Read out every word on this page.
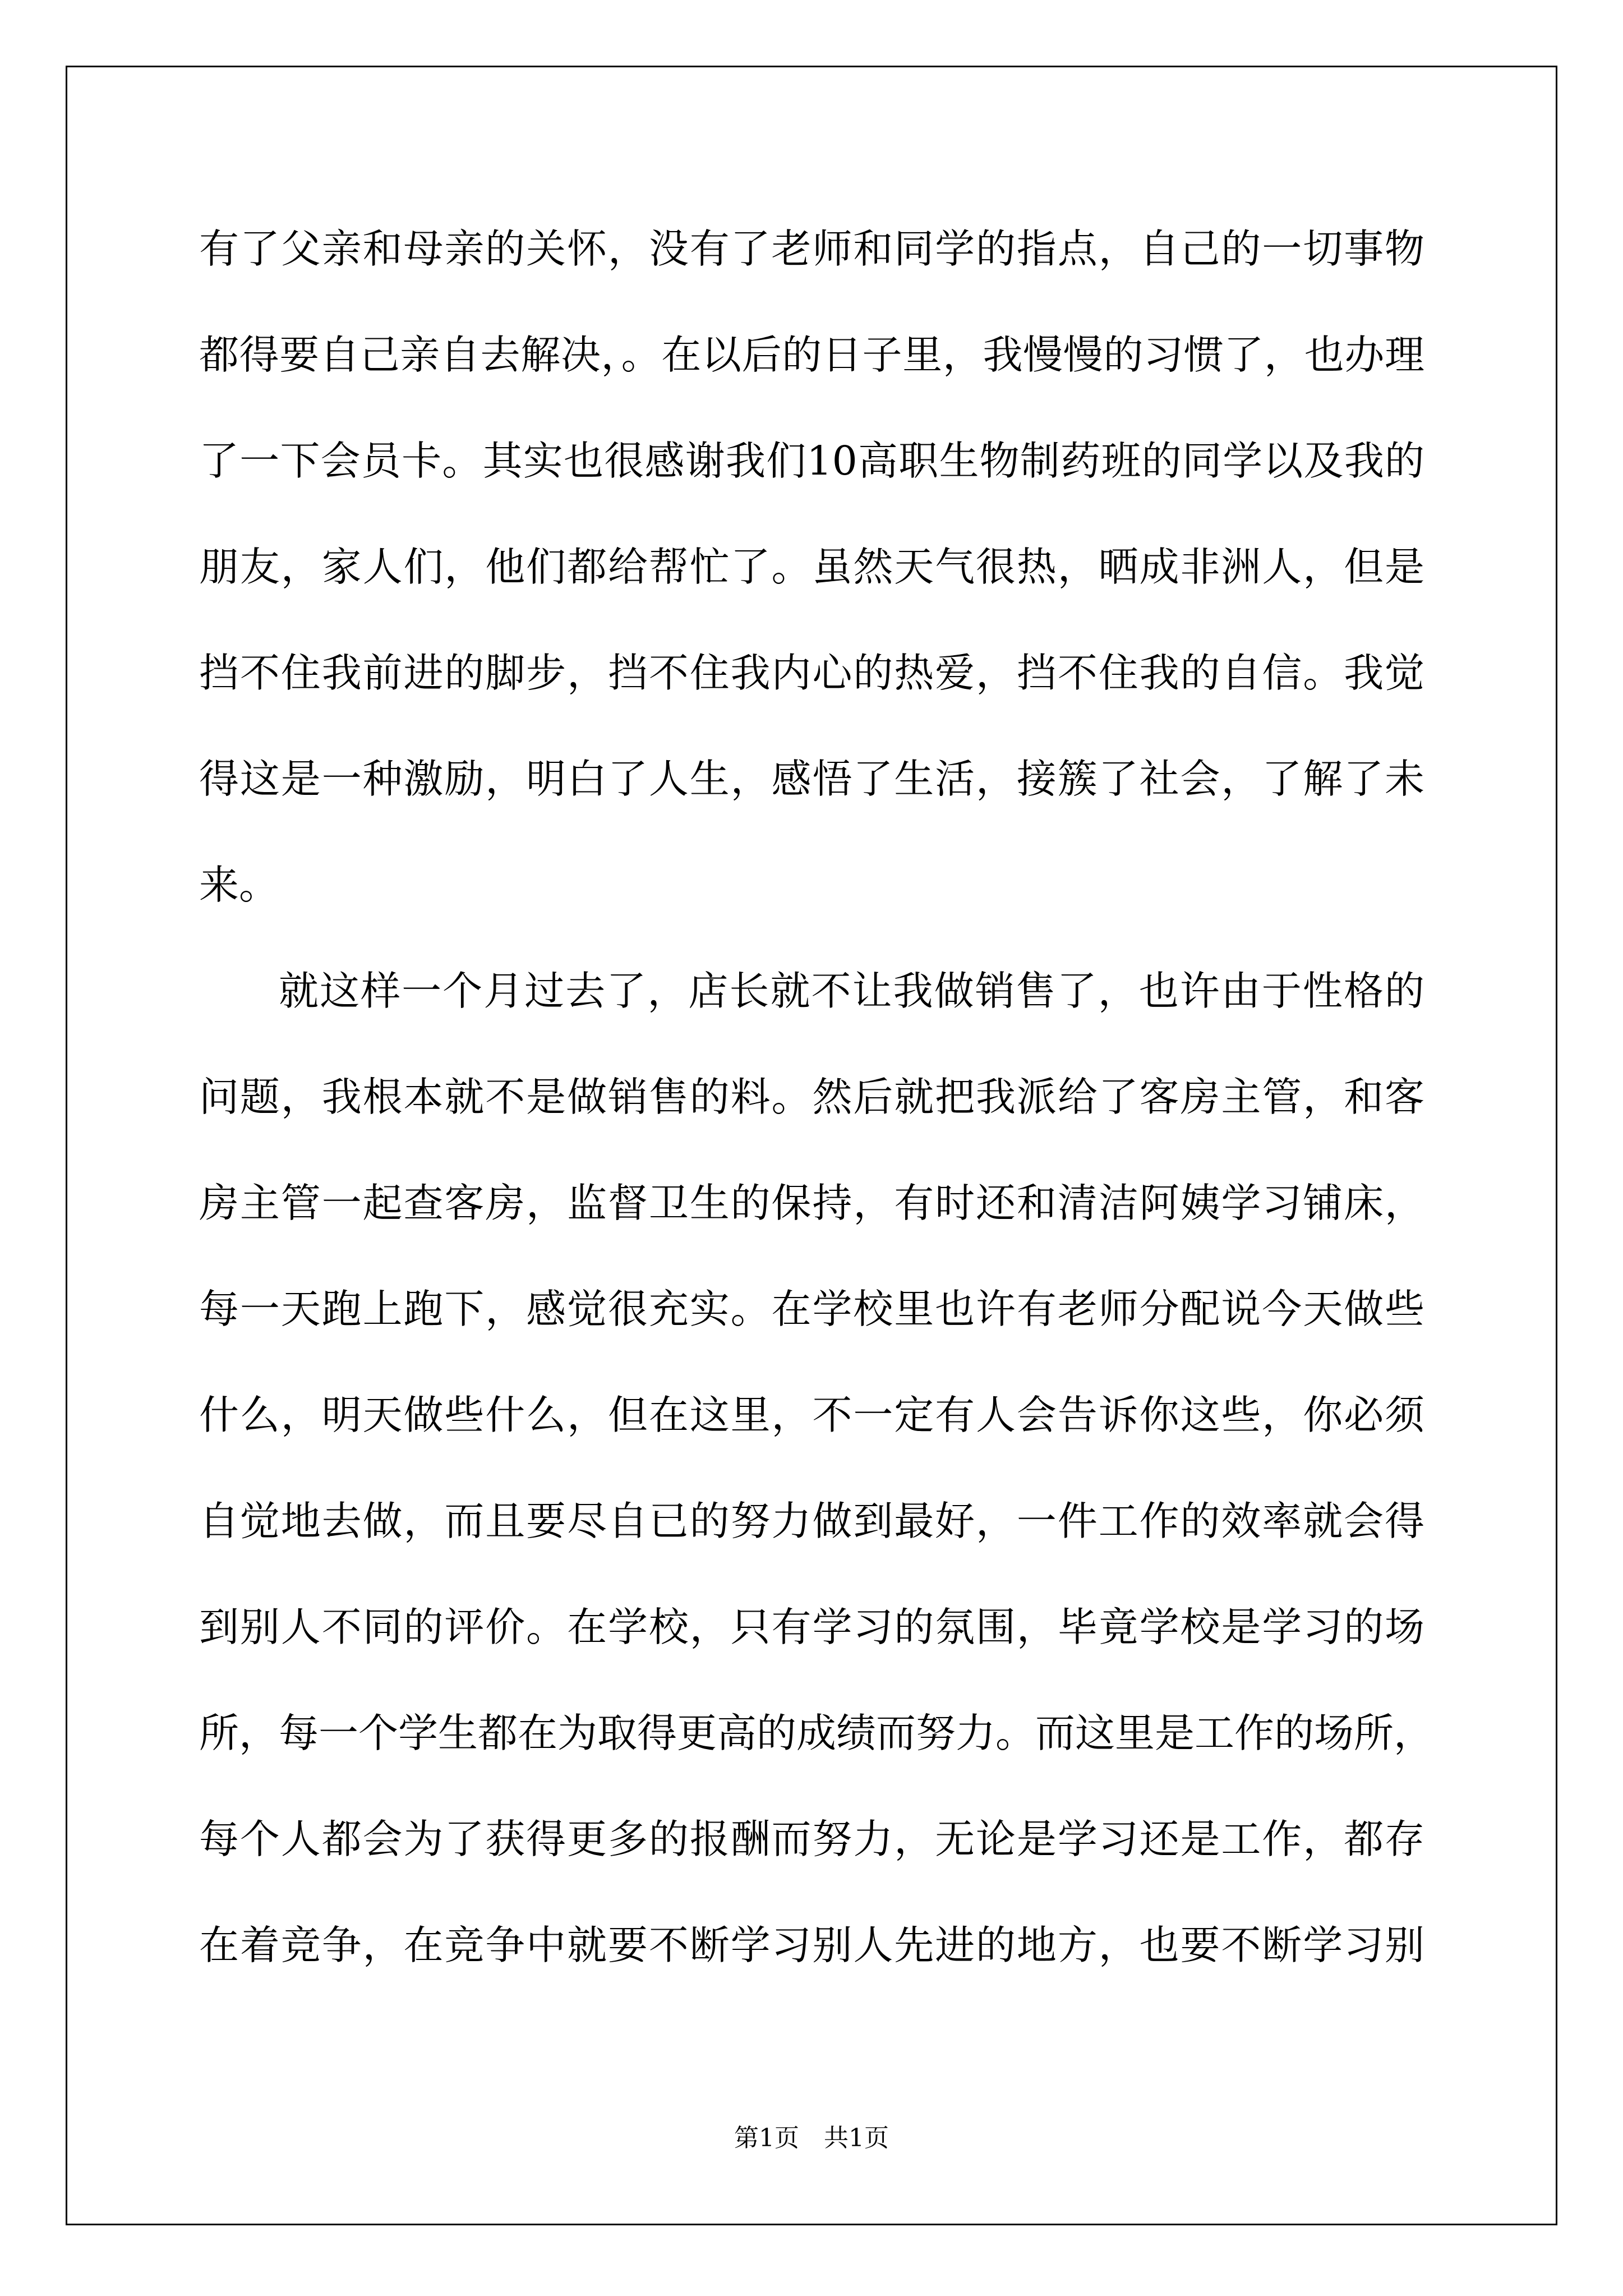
有了父亲和母亲的关怀，没有了老师和同学的指点，自己的一切事物
都得要自己亲自去解决，。在以后的日子里，我慢慢的习惯了，也办理
了一下会员卡。其实也很感谢我们10高职生物制药班的同学以及我的
朋友，家人们，他们都给帮忙了。虽然天气很热，晒成非洲人，但是
挡不住我前进的脚步，挡不住我内心的热爱，挡不住我的自信。我觉
得这是一种激励，明白了人生，感悟了生活，接簇了社会，了解了未
来。
就这样一个月过去了，店长就不让我做销售了，也许由于性格的
问题，我根本就不是做销售的料。然后就把我派给了客房主管，和客
房主管一起查客房，监督卫生的保持，有时还和清洁阿姨学习铺床，
每一天跑上跑下，感觉很充实。在学校里也许有老师分配说今天做些
什么，明天做些什么，但在这里，不一定有人会告诉你这些，你必须
自觉地去做，而且要尽自已的努力做到最好，一件工作的效率就会得
到别人不同的评价。在学校，只有学习的氛围，毕竟学校是学习的场
所，每一个学生都在为取得更高的成绩而努力。而这里是工作的场所，
每个人都会为了获得更多的报酬而努力，无论是学习还是工作，都存
在着竞争，在竞争中就要不断学习别人先进的地方，也要不断学习别
第1页 共1页
